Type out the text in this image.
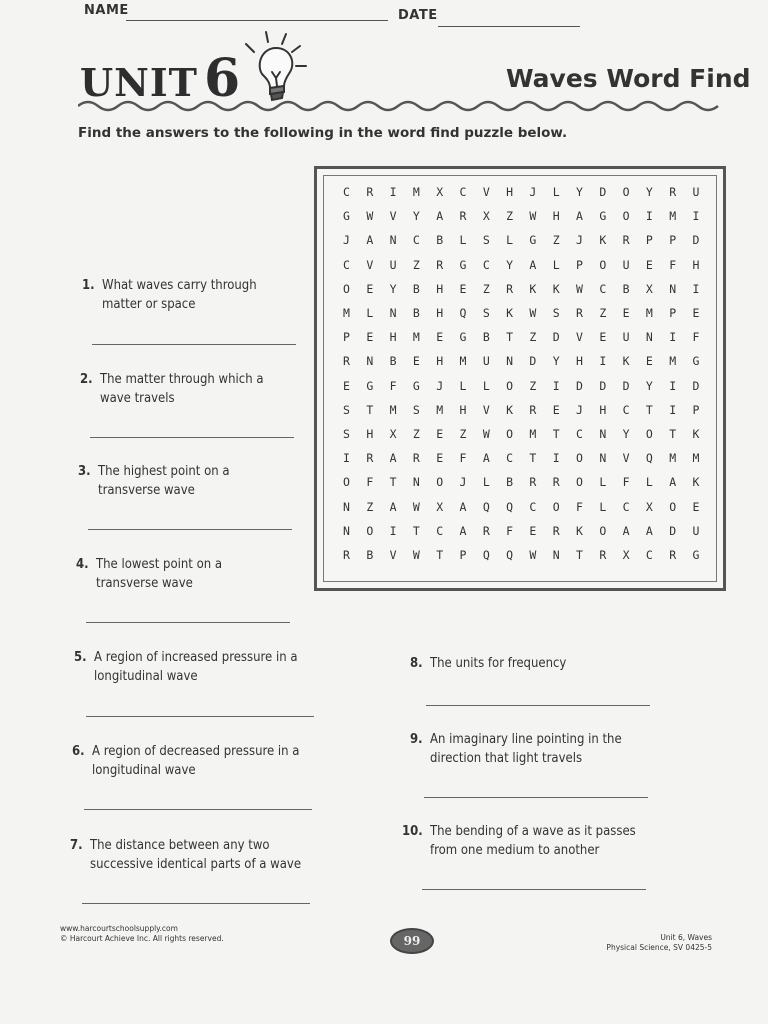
NAME	DATE
UNIT 6	Waves Word Find
Find the answers to the following in the word find puzzle below.
1. What waves carry through
matter or space
2. The matter through which a
wave travels
3. The highest point on a
transverse wave
4. The lowest point on a
transverse wave
5. A region of increased pressure in a
longitudinal wave
6. A region of decreased pressure in a
longitudinal wave
7. The distance between any two
successive identical parts of a wave
8. The units for frequency
9. An imaginary line pointing in the
direction that light travels
10. The bending of a wave as it passes
from one medium to another
C	R	I	M	X	C	V	H	J	L	Y	D	O	Y	R	U
G	W	V	Y	A	R	X	Z	W	H	A	G	O	I	M	I
J	A	N	C	B	L	S	L	G	Z	J	K	R	P	P	D
C	V	U	Z	R	G	C	Y	A	L	P	O	U	E	F	H
O	E	Y	B	H	E	Z	R	K	K	W	C	B	X	N	I
M	L	N	B	H	Q	S	K	W	S	R	Z	E	M	P	E
P	E	H	M	E	G	B	T	Z	D	V	E	U	N	I	F
R	N	B	E	H	M	U	N	D	Y	H	I	K	E	M	G
E	G	F	G	J	L	L	O	Z	I	D	D	D	Y	I	D
S	T	M	S	M	H	V	K	R	E	J	H	C	T	I	P
S	H	X	Z	E	Z	W	O	M	T	C	N	Y	O	T	K
I	R	A	R	E	F	A	C	T	I	O	N	V	Q	M	M
O	F	T	N	O	J	L	B	R	R	O	L	F	L	A	K
N	Z	A	W	X	A	Q	Q	C	O	F	L	C	X	O	E
N	O	I	T	C	A	R	F	E	R	K	O	A	A	D	U
R	B	V	W	T	P	Q	Q	W	N	T	R	X	C	R	G
www.harcourtschoolsupply.com
© Harcourt Achieve Inc. All rights reserved.	99	Unit 6, Waves
Physical Science, SV 0425-5
